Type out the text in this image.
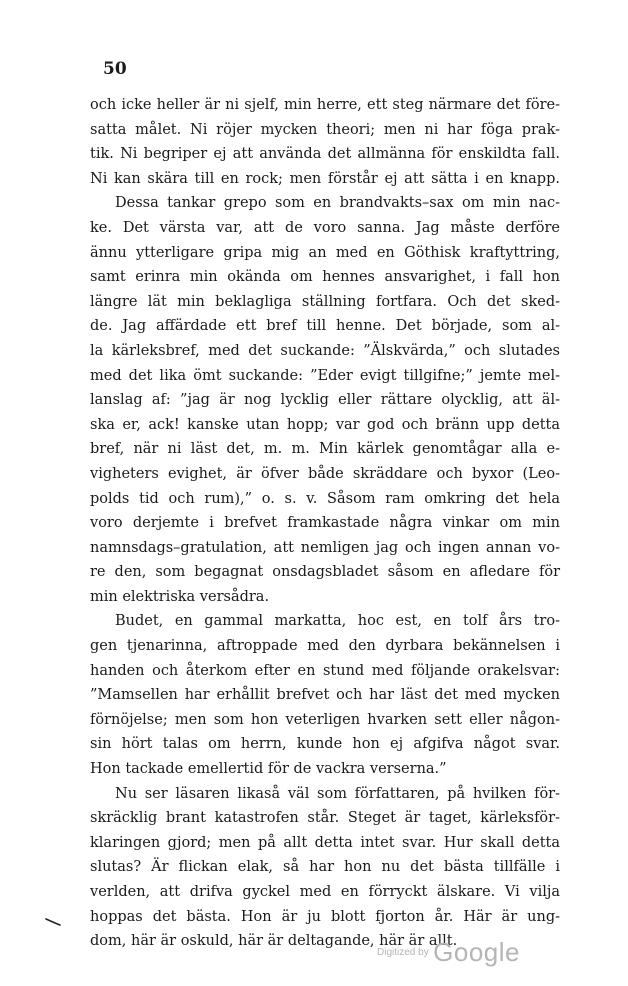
50
och icke heller är ni sjelf, min herre, ett steg närmare det före-
satta målet. Ni röjer mycken theori; men ni har föga prak-
tik. Ni begriper ej att använda det allmänna för enskildta fall.
Ni kan skära till en rock; men förstår ej att sätta i en knapp.
Dessa tankar grepo som en brandvakts–sax om min nac-
ke. Det värsta var, att de voro sanna. Jag måste derföre
ännu ytterligare gripa mig an med en Göthisk kraftyttring,
samt erinra min okända om hennes ansvarighet, i fall hon
längre lät min beklagliga ställning fortfara. Och det sked-
de. Jag affärdade ett bref till henne. Det började, som al-
la kärleksbref, med det suckande: ”Älskvärda,” och slutades
med det lika ömt suckande: ”Eder evigt tillgifne;” jemte mel-
lanslag af: ”jag är nog lycklig eller rättare olycklig, att äl-
ska er, ack! kanske utan hopp; var god och bränn upp detta
bref, när ni läst det, m. m. Min kärlek genomtågar alla e-
vigheters evighet, är öfver både skräddare och byxor (Leo-
polds tid och rum),” o. s. v. Såsom ram omkring det hela
voro derjemte i brefvet framkastade några vinkar om min
namnsdags–gratulation, att nemligen jag och ingen annan vo-
re den, som begagnat onsdagsbladet såsom en afledare för
min elektriska versådra.
Budet, en gammal markatta, hoc est, en tolf års tro-
gen tjenarinna, aftroppade med den dyrbara bekännelsen i
handen och återkom efter en stund med följande orakelsvar:
”Mamsellen har erhållit brefvet och har läst det med mycken
förnöjelse; men som hon veterligen hvarken sett eller någon-
sin hört talas om herrn, kunde hon ej afgifva något svar.
Hon tackade emellertid för de vackra verserna.”
Nu ser läsaren likaså väl som författaren, på hvilken för-
skräcklig brant katastrofen står. Steget är taget, kärleksför-
klaringen gjord; men på allt detta intet svar. Hur skall detta
slutas? Är flickan elak, så har hon nu det bästa tillfälle i
verlden, att drifva gyckel med en förryckt älskare. Vi vilja
hoppas det bästa. Hon är ju blott fjorton år. Här är ung-
dom, här är oskuld, här är deltagande, här är allt.
Digitized by Google
